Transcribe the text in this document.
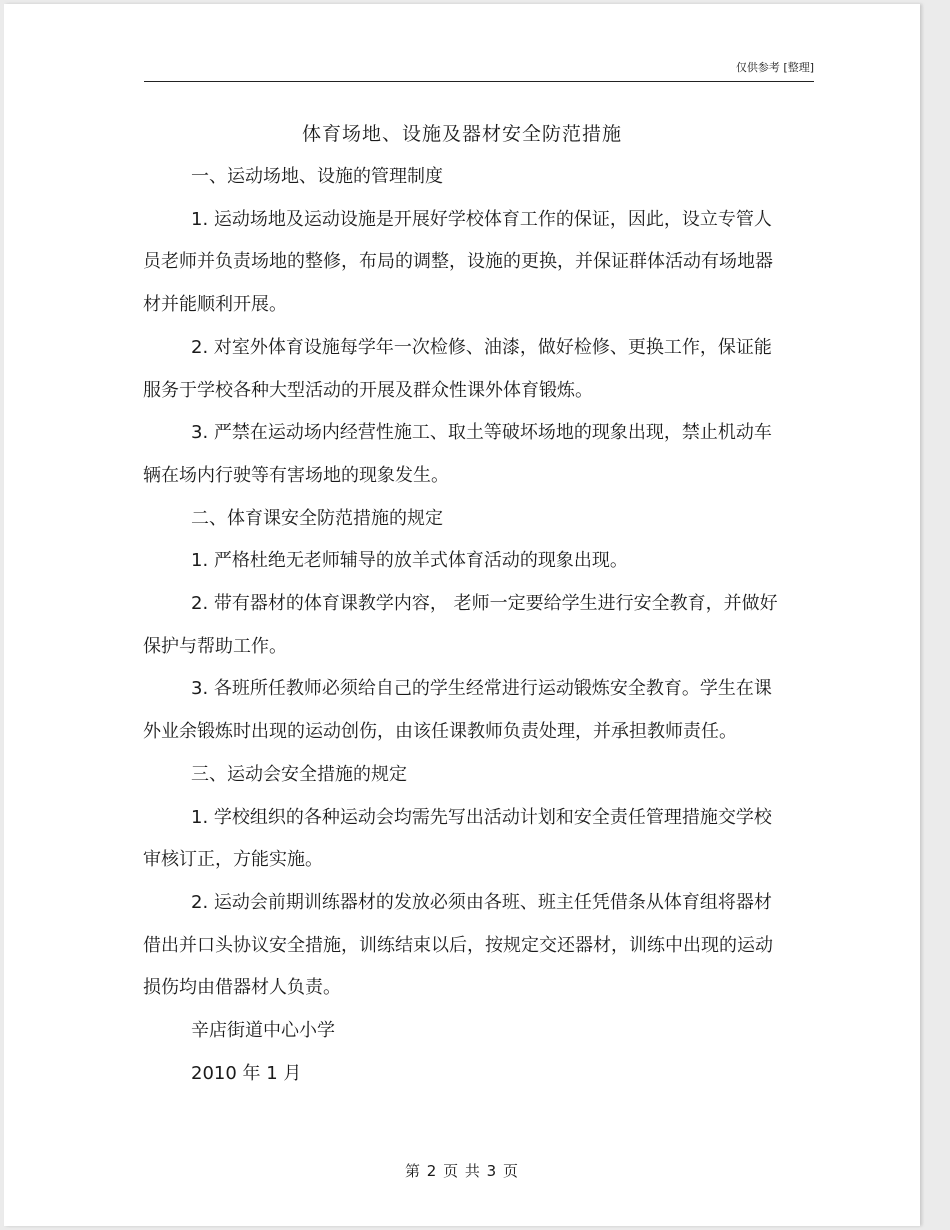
仅供参考 [整理]
体育场地、设施及器材安全防范措施

一、运动场地、设施的管理制度

1. 运动场地及运动设施是开展好学校体育工作的保证，因此，设立专管人员老师并负责场地的整修，布局的调整，设施的更换，并保证群体活动有场地器材并能顺利开展。

2. 对室外体育设施每学年一次检修、油漆，做好检修、更换工作，保证能服务于学校各种大型活动的开展及群众性课外体育锻炼。

3. 严禁在运动场内经营性施工、取土等破坏场地的现象出现，禁止机动车辆在场内行驶等有害场地的现象发生。

二、体育课安全防范措施的规定

1. 严格杜绝无老师辅导的放羊式体育活动的现象出现。

2. 带有器材的体育课教学内容， 老师一定要给学生进行安全教育，并做好保护与帮助工作。

3. 各班所任教师必须给自己的学生经常进行运动锻炼安全教育。学生在课外业余锻炼时出现的运动创伤，由该任课教师负责处理，并承担教师责任。

三、运动会安全措施的规定

1. 学校组织的各种运动会均需先写出活动计划和安全责任管理措施交学校审核订正，方能实施。

2. 运动会前期训练器材的发放必须由各班、班主任凭借条从体育组将器材借出并口头协议安全措施，训练结束以后，按规定交还器材，训练中出现的运动损伤均由借器材人负责。

辛店街道中心小学

2010 年 1 月

第 2 页 共 3 页
